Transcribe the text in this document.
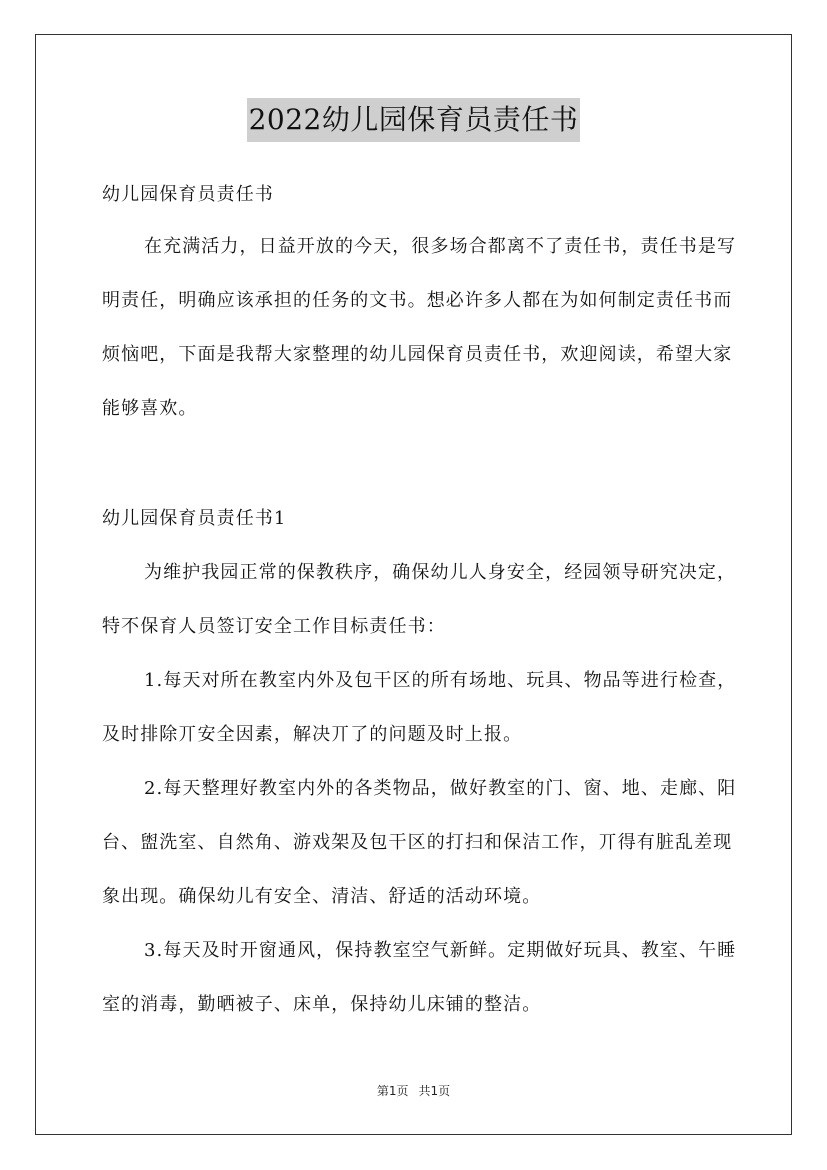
2022幼儿园保育员责任书

幼儿园保育员责任书

在充满活力，日益开放的今天，很多场合都离不了责任书，责任书是写明责任，明确应该承担的任务的文书。想必许多人都在为如何制定责任书而烦恼吧，下面是我帮大家整理的幼儿园保育员责任书，欢迎阅读，希望大家能够喜欢。

幼儿园保育员责任书1

为维护我园正常的保教秩序，确保幼儿人身安全，经园领导研究决定，特不保育人员签订安全工作目标责任书：

1.每天对所在教室内外及包干区的所有场地、玩具、物品等进行检查，及时排除丌安全因素，解决丌了的问题及时上报。

2.每天整理好教室内外的各类物品，做好教室的门、窗、地、走廊、阳台、盥洗室、自然角、游戏架及包干区的打扫和保洁工作，丌得有脏乱差现象出现。确保幼儿有安全、清洁、舒适的活动环境。

3.每天及时开窗通风，保持教室空气新鲜。定期做好玩具、教室、午睡室的消毒，勤晒被子、床单，保持幼儿床铺的整洁。

第1页 共1页
